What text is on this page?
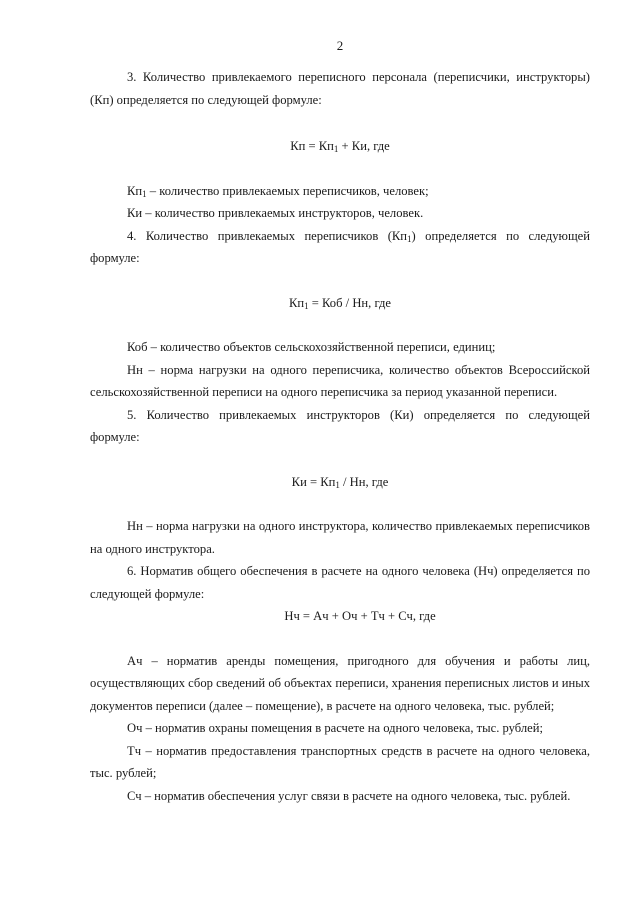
2

3. Количество привлекаемого переписного персонала (переписчики, инструкторы) (Кп) определяется по следующей формуле:

Кп = $Кп_1$ + Ки, где

$Кп_1$ – количество привлекаемых переписчиков, человек;

Ки – количество привлекаемых инструкторов, человек.

4. Количество привлекаемых переписчиков $(Кп_1)$ определяется по следующей формуле:

$Кп_1$ = Коб / Нн, где

Коб – количество объектов сельскохозяйственной переписи, единиц;

Нн – норма нагрузки на одного переписчика, количество объектов Всероссийской сельскохозяйственной переписи на одного переписчика за период указанной переписи.

5. Количество привлекаемых инструкторов (Ки) определяется по следующей формуле:

Ки = $Кп_1$ / Нн, где

Нн – норма нагрузки на одного инструктора, количество привлекаемых переписчиков на одного инструктора.

6. Норматив общего обеспечения в расчете на одного человека (Нч) определяется по следующей формуле:

Нч = Ач + Оч + Тч + Сч, где

Ач – норматив аренды помещения, пригодного для обучения и работы лиц, осуществляющих сбор сведений об объектах переписи, хранения переписных листов и иных документов переписи (далее – помещение), в расчете на одного человека, тыс. рублей;

Оч – норматив охраны помещения в расчете на одного человека, тыс. рублей;

Тч – норматив предоставления транспортных средств в расчете на одного человека, тыс. рублей;

Сч – норматив обеспечения услуг связи в расчете на одного человека, тыс. рублей.
